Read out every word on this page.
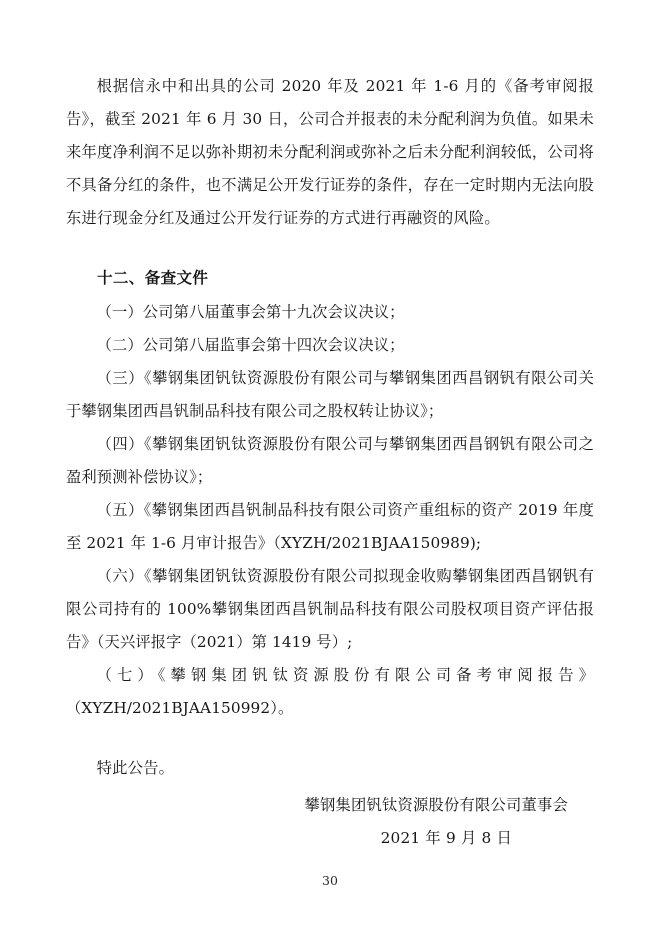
根据信永中和出具的公司 2020 年及 2021 年 1-6 月的《备考审阅报告》，截至 2021 年 6 月 30 日，公司合并报表的未分配利润为负值。如果未来年度净利润不足以弥补期初未分配利润或弥补之后未分配利润较低，公司将不具备分红的条件，也不满足公开发行证券的条件，存在一定时期内无法向股东进行现金分红及通过公开发行证券的方式进行再融资的风险。

十二、备查文件
（一）公司第八届董事会第十九次会议决议；
（二）公司第八届监事会第十四次会议决议；
（三）《攀钢集团钒钛资源股份有限公司与攀钢集团西昌钢钒有限公司关于攀钢集团西昌钒制品科技有限公司之股权转让协议》；
（四）《攀钢集团钒钛资源股份有限公司与攀钢集团西昌钢钒有限公司之盈利预测补偿协议》；
（五）《攀钢集团西昌钒制品科技有限公司资产重组标的资产 2019 年度至 2021 年 1-6 月审计报告》（XYZH/2021BJAA150989);
（六）《攀钢集团钒钛资源股份有限公司拟现金收购攀钢集团西昌钢钒有限公司持有的 100%攀钢集团西昌钒制品科技有限公司股权项目资产评估报告》（天兴评报字（2021）第 1419 号）;
（七）《攀钢集团钒钛资源股份有限公司备考审阅报告》（XYZH/2021BJAA150992）。

特此公告。

攀钢集团钒钛资源股份有限公司董事会
2021 年 9 月 8 日
30
